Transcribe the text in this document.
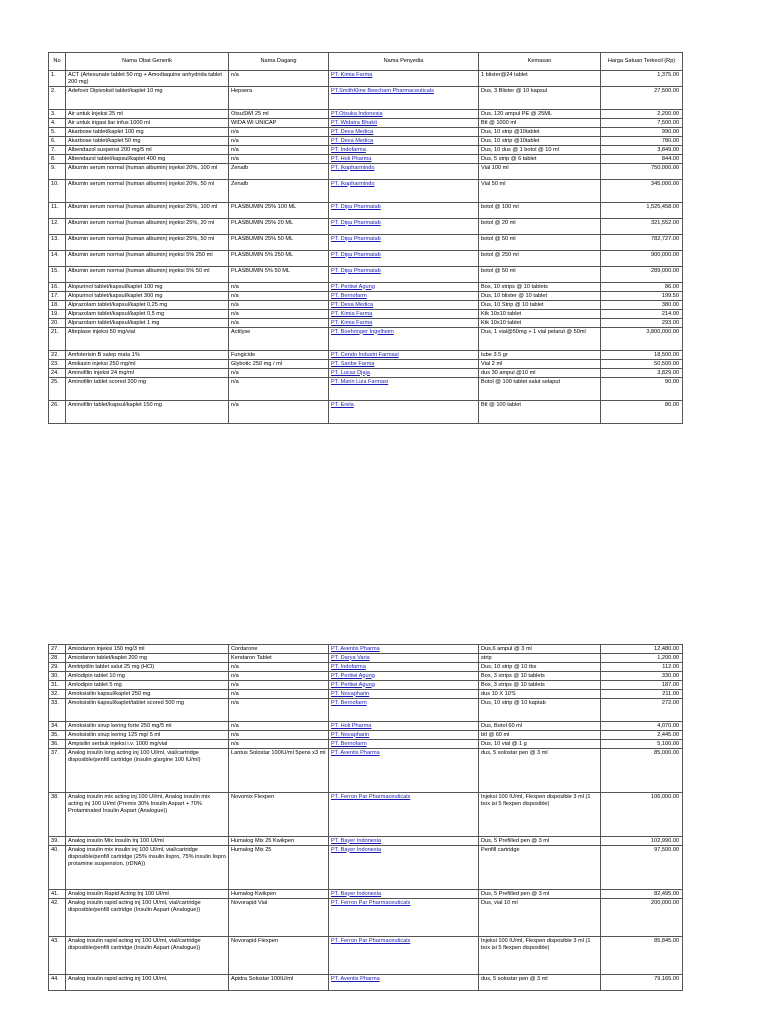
No	Nama Obat Generik	Nama Dagang	Nama Penyedia	Kemasan	Harga Satuan Terkecil (Rp)
1.	ACT (Artesunate tablet 50 mg + Amodiaquine anhydrida tablet 200 mg)	n/a	PT. Kimia Farma	1 blister@24 tablet	1,375.00
2.	Adefovir Dipivoksil tablet/kaplet 10 mg	Hepsera	PT.SmithKline Beecham Pharmaceuticals	Dus, 3 Blister @ 10 kapsul	27,500.00
3.	Air untuk Injeksi 25 ml	OtsuSWI 25 ml	PT.Otsuka Indonesia	Dus, 120 ampul PE @ 25ML	2,200.00
4.	Air untuk irigasi liar infus 1000 ml	WIDA WI UNICAP	PT. Widatra Bhakti	Btl @ 1000 ml	7,500.00
5.	Akarbose tablet/kaplet 100 mg	n/a	PT. Dexa Medica	Dus, 10 strip @10tablet	990.00
6.	Akarbose tablet/kaplet 50 mg	n/a	PT. Dexa Medica	Dus, 10 strip @10tablet	780.00
7.	Albendazol suspensi 200 mg/5 ml	n/a	PT. Indofarma	Dus, 10 dus @ 1 botol @ 10 ml	3,849.00
8.	Albendazol tablet/kapsul/kaplet 400 mg	n/a	PT. Holi Pharma	Dus, 5 strip @ 6 tablet	844.00
9.	Albumin serum normal (human albumin) injeksi 20%, 100 ml	Zenalb	PT. Ikapharmindo	Vial 100 ml	750,000.00
10.	Albumin serum normal (human albumin) injeksi 20%, 50 ml	Zenalb	PT. Ikapharmindo	Vial 50 ml	345,000.00
11.	Albumin serum normal (human albumin) injeksi 25%, 100 ml	PLASBUMIN 25% 100 ML	PT. Dipa Pharmalab	botol @ 100 ml	1,525,458.00
12.	Albumin serum normal (human albumin) injeksi 25%, 20 ml	PLASBUMIN 25% 20 ML	PT. Dipa Pharmalab	botol @ 20 ml	321,552.00
13.	Albumin serum normal (human albumin) injeksi 25%, 50 ml	PLASBUMIN 25% 50 ML	PT. Dipa Pharmalab	botol @ 50 ml	782,727.00
14.	Albumin serum normal (human albumin) injeksi 5% 250 ml	PLASBUMIN 5% 250 ML	PT. Dipa Pharmalab	botol @ 250 ml	900,000.00
15.	Albumin serum normal (human albumin) injeksi 5% 50 ml	PLASBUMIN 5% 50 ML	PT. Dipa Pharmalab	botol @ 50 ml	289,000.00
16.	Alopurinol tablet/kapsul/kaplet 100 mg	n/a	PT. Pertiwi Agung	Box, 10 strips @ 10 tablets	86.00
17.	Alopurinol tablet/kapsul/kaplet 300 mg	n/a	PT. Bernofarm	Dus, 10 blister @ 10 tablet	199.50
18.	Alprazolam tablet/kapsul/kaplet 0,25 mg	n/a	PT. Dexa Medica	Dus, 10 Strip @ 10 tablet	380.00
19.	Alprazolam tablet/kapsul/kaplet 0,5 mg	n/a	PT. Kimia Farma	Ktk 10x10 tablet	214.00
20.	Alprazolam tablet/kapsul/kaplet 1 mg	n/a	PT. Kimia Farma	Ktk 10x10 tablet	293.00
21.	Alteplase injeksi 50 mg/vial	Actilyse	PT. Boehringer Ingelheim	Dus, 1 vial@50mg + 1 vial pelarut @ 50ml	3,800,000.00
22.	Amfoterisin B salep mata 1%	Fungicide	PT. Cendo Industri Farmasi	tube 3.5 gr	18,500.00
23.	Amikasin injeksi 250 mg/ml	Glybotic 250 mg / ml	PT. Sanbe Farma	Vial 2 ml	50,500.00
24.	Aminofilin injeksi 24 mg/ml	n/a	PT. Lucas Djaja	dus 30 ampul @10 ml	3,829.00
25.	Aminofilin tablet scored 200 mg	n/a	PT. Marin Liza Farmasi	Botol @ 100 tablet salut selaput	90.00
26.	Aminofilin tablet/kapsul/kaplet 150 mg	n/a	PT. Erela	Btl @ 100 tablet	80.00
27.	Amiodaron injeksi 150 mg/3 ml	Cordarone	PT. Aventis Pharma	Dus,6 ampul @ 3 ml	12,480.00
28.	Amiodaron tablet/kaplet 200 mg	Kendaron Tablet	PT. Darya Varia	strip	1,200.00
29.	Amitriptilin tablet salut 25 mg (HCl)	n/a	PT. Indofarma	Dus, 10 strip @ 10 tbs	112.00
30.	Amlodipin tablet 10 mg	n/a	PT. Pertiwi Agung	Box, 3 strips @ 10 tablets	330.00
31.	Amlodipin tablet 5 mg	n/a	PT. Pertiwi Agung	Box, 3 strips @ 10 tablets	187.00
32.	Amoksisilin kapsul/kaplet 250 mg	n/a	PT. Novapharin	dus 10 X 10'S	211.00
33.	Amoksisilin kapsul/kaplet/tablet scored 500 mg	n/a	PT. Bernofarm	Dus, 10 strip @ 10 kaptab	272.00
34.	Amoksisilin sirup kering forte 250 mg/5 ml	n/a	PT. Holi Pharma	Dus, Botol 60 ml	4,070.00
35.	Amoksisilin sirup kering 125 mg/ 5 ml	n/a	PT. Novapharin	btl @ 60 ml	2,445.00
36.	Ampisilin serbuk injeksi i.v. 1000 mg/vial	n/a	PT. Bernofarm	Dus, 10 vial @ 1 g	5,100.00
37.	Analog insulin long acting inj 100 UI/ml, vial/cartridge disposible/penfill cartridge (insulin glargine 100 IU/ml)	Lantus Solostar 100IU/ml 5pens x3 ml	PT. Aventis Pharma	dus, 5 solostar pen @ 3 ml	85,000.00
38.	Analog insulin mix acting inj 100 UI/ml, Analog insulin mix acting inj 100 UI/ml (Premix 30% Insulin Aspart + 70% Protaminated Insulin Aspart (Analogue))	Novomix Flexpen	PT. Ferron Par Pharmaceuticals	Injeksi 100 IU/ml, Flexpen disposible 3 ml (1 box isi 5 flexpen disposible)	106,000.00
39.	Analog insulin Mix Insulin Inj 100 UI/ml	Humalog Mix 25 Kwikpen	PT. Bayer Indonesia	Dus, 5 Prefilled pen @ 3 ml	102,990.00
40.	Analog insulin mix insulin inj 100 UI/ml, vial/cartridge disposible/penfill cartridge (25% insulin lispro, 75% insulin lispro protamine suspension, (rDNA))	Humalog Mix 25	PT. Bayer Indonesia	Penfill cartridge	97,500.00
41.	Analog insulin Rapid Acting Inj 100 UI/ml	Humalog Kwikpen	PT. Bayer Indonesia	Dus, 5 Prefilled pen @ 3 ml	82,495.00
42.	Analog insulin rapid acting inj 100 UI/ml, vial/cartridge disposible/penfill cartridge (Insulin Aspart (Analogue))	Novorapid Vial	PT. Ferron Par Pharmaceuticals	Dus, vial 10 ml	200,000.00
43.	Analog insulin rapid acting inj 100 UI/ml, vial/cartridge disposible/penfill cartridge (Insulin Aspart (Analogue))	Novorapid Flexpen	PT. Ferron Par Pharmaceuticals	Injeksi 100 IU/ml, Flexpen disposible 3 ml (1 box isi 5 flexpen disposible)	85,845.00
44.	Analog insulin rapid acting inj 100 UI/ml,	Apidra Solostar 100IU/ml	PT. Aventis Pharma	dus, 5 solostar pen @ 3 ml	79,165.00
